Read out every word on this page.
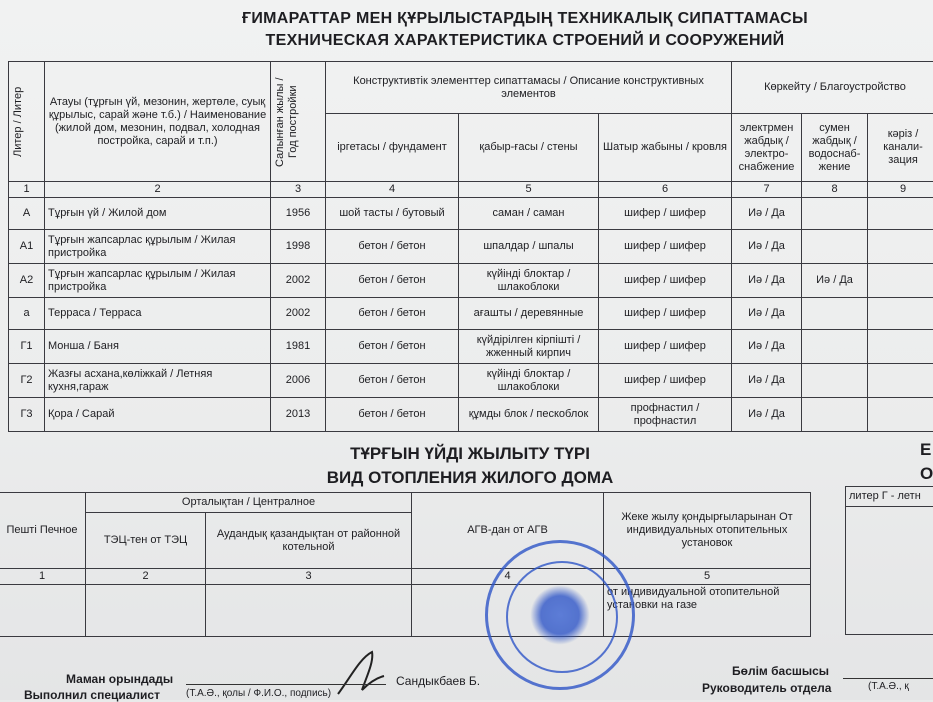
ҒИМАРАТТАР МЕН ҚҰРЫЛЫСТАРДЫҢ ТЕХНИКАЛЫҚ СИПАТТАМАСЫ
ТЕХНИЧЕСКАЯ ХАРАКТЕРИСТИКА СТРОЕНИЙ И СООРУЖЕНИЙ
Литер / Литер	Атауы (тұрғын үй, мезонин, жертөле, суық құрылыс, сарай және т.б.) / Наименование (жилой дом, мезонин, подвал, холодная постройка, сарай и т.п.)	Салынған жылы / Год постройки	Конструктивтік элементтер сипаттамасы / Описание конструктивных элементов			Көркейту / Благоустройство		
			іргетасы / фундамент	қабыр-ғасы / стены	Шатыр жабыны / кровля	электрмен жабдық / электро-снабжение	сумен жабдық / водоснаб-жение	кәріз / канали-зация
1	2	3	4	5	6	7	8	9
А	Тұрғын үй / Жилой дом	1956	шой тасты / бутовый	саман / саман	шифер / шифер	Иә / Да		
А1	Тұрғын жапсарлас құрылым / Жилая пристройка	1998	бетон / бетон	шпалдар / шпалы	шифер / шифер	Иә / Да		
А2	Тұрғын жапсарлас құрылым / Жилая пристройка	2002	бетон / бетон	күйінді блоктар / шлакоблоки	шифер / шифер	Иә / Да	Иә / Да	
а	Терраса / Терраса	2002	бетон / бетон	ағашты / деревянные	шифер / шифер	Иә / Да		
Г1	Монша / Баня	1981	бетон / бетон	күйдірілген кірпішті / жженный кирпич	шифер / шифер	Иә / Да		
Г2	Жазғы асхана,көліжкай / Летняя кухня,гараж	2006	бетон / бетон	күйінді блоктар / шлакоблоки	шифер / шифер	Иә / Да		
Г3	Қора / Сарай	2013	бетон / бетон	құмды блок / пескоблок	профнастил / профнастил	Иә / Да		
ТҰРҒЫН ҮЙДІ ЖЫЛЫТУ ТҮРІ
ВИД ОТОПЛЕНИЯ ЖИЛОГО ДОМА
Е
О
Пешті Печное	Орталықтан / Централное		АГВ-дан от АГВ	Жеке жылу қондырғыларынан От индивидуальных отопительных установок
	ТЭЦ-тен от ТЭЦ	Аудандық қазандықтан от районной котельной		
1	2	3	4	5
				от индивидуальной отопительной установки на газе
литер Г - летн

Маман орындады
Выполнил специалист	(Т.А.Ә., қолы / Ф.И.О., подпись)
Сандыкбаев Б.
Бөлім басшысы
Руководитель отдела	(Т.А.Ә., қ
